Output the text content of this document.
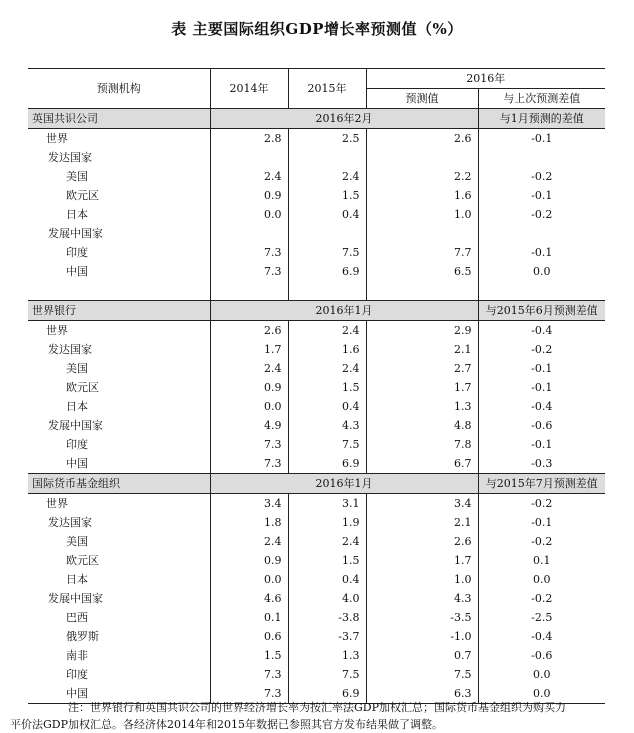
表 主要国际组织GDP增长率预测值（%）
预测机构	2014年	2015年	2016年	
			预测值	与上次预测差值
英国共识公司	2016年2月			与1月预测的差值
世界	2.8	2.5	2.6	-0.1
发达国家				
美国	2.4	2.4	2.2	-0.2
欧元区	0.9	1.5	1.6	-0.1
日本	0.0	0.4	1.0	-0.2
发展中国家				
印度	7.3	7.5	7.7	-0.1
中国	7.3	6.9	6.5	0.0

世界银行	2016年1月			与2015年6月预测差值
世界	2.6	2.4	2.9	-0.4
发达国家	1.7	1.6	2.1	-0.2
美国	2.4	2.4	2.7	-0.1
欧元区	0.9	1.5	1.7	-0.1
日本	0.0	0.4	1.3	-0.4
发展中国家	4.9	4.3	4.8	-0.6
印度	7.3	7.5	7.8	-0.1
中国	7.3	6.9	6.7	-0.3
国际货币基金组织	2016年1月			与2015年7月预测差值
世界	3.4	3.1	3.4	-0.2
发达国家	1.8	1.9	2.1	-0.1
美国	2.4	2.4	2.6	-0.2
欧元区	0.9	1.5	1.7	0.1
日本	0.0	0.4	1.0	0.0
发展中国家	4.6	4.0	4.3	-0.2
巴西	0.1	-3.8	-3.5	-2.5
俄罗斯	0.6	-3.7	-1.0	-0.4
南非	1.5	1.3	0.7	-0.6
印度	7.3	7.5	7.5	0.0
中国	7.3	6.9	6.3	0.0
注：世界银行和英国共识公司的世界经济增长率为按汇率法GDP加权汇总；国际货币基金组织为购买力
平价法GDP加权汇总。各经济体2014年和2015年数据已参照其官方发布结果做了调整。
